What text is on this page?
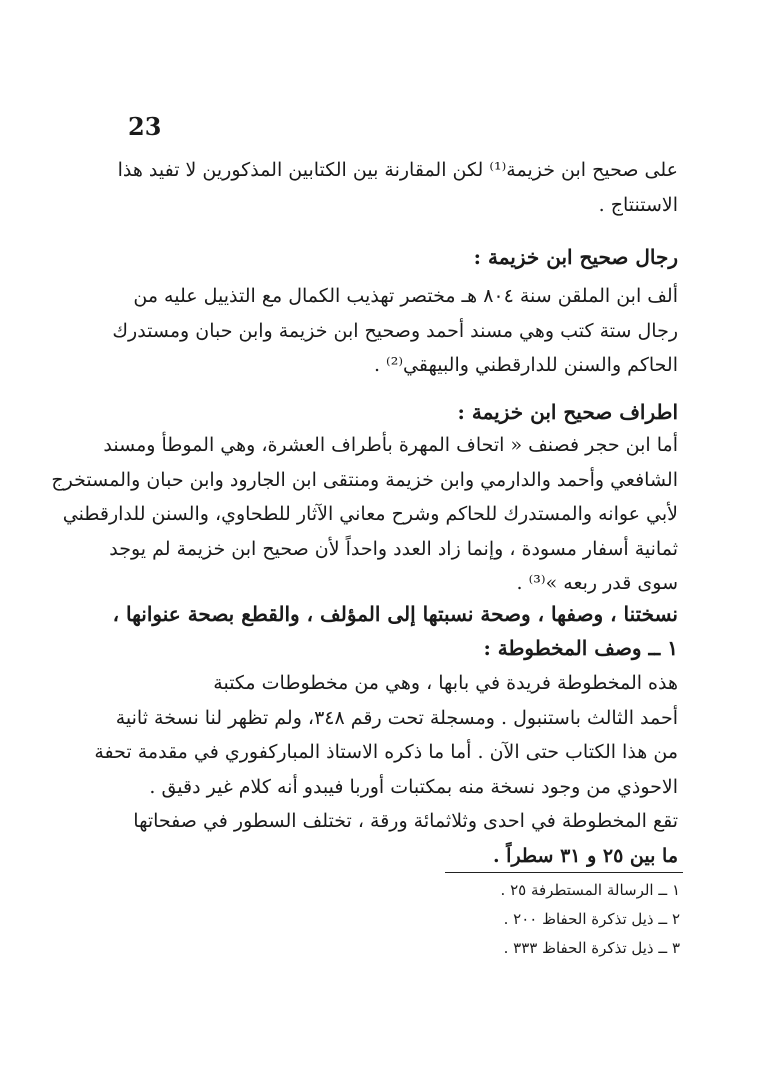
23
على صحيح ابن خزيمة⁽¹⁾ لكن المقارنة بين الكتابين المذكورين لا تفيد هذا
الاستنتاج .
رجال صحيح ابن خزيمة :
ألف ابن الملقن سنة ٨٠٤ هـ مختصر تهذيب الكمال مع التذييل عليه من
رجال ستة كتب وهي مسند أحمد وصحيح ابن خزيمة وابن حبان ومستدرك
الحاكم والسنن للدارقطني والبيهقي⁽²⁾ .
اطراف صحيح ابن خزيمة :
أما ابن حجر فصنف « اتحاف المهرة بأطراف العشرة، وهي الموطأ ومسند
الشافعي وأحمد والدارمي وابن خزيمة ومنتقى ابن الجارود وابن حبان والمستخرج
لأبي عوانه والمستدرك للحاكم وشرح معاني الآثار للطحاوي، والسنن للدارقطني
ثمانية أسفار مسودة ، وإنما زاد العدد واحداً لأن صحيح ابن خزيمة لم يوجد
سوى قدر ربعه »⁽³⁾ .
نسختنا ، وصفها ، وصحة نسبتها إلى المؤلف ، والقطع بصحة عنوانها ،
١ ــ وصف المخطوطة :
هذه المخطوطة فريدة في بابها ، وهي من مخطوطات مكتبة
أحمد الثالث باستنبول . ومسجلة تحت رقم ٣٤٨، ولم تظهر لنا نسخة ثانية
من هذا الكتاب حتى الآن . أما ما ذكره الاستاذ المباركفوري في مقدمة تحفة
الاحوذي من وجود نسخة منه بمكتبات أوربا فيبدو أنه كلام غير دقيق .
تقع المخطوطة في احدى وثلاثمائة ورقة ، تختلف السطور في صفحاتها
ما بين ٢٥ و ٣١ سطراً .
١ ــ الرسالة المستطرفة ٢٥ .
٢ ــ ذيل تذكرة الحفاظ ٢٠٠ .
٣ ــ ذيل تذكرة الحفاظ ٣٣٣ .
